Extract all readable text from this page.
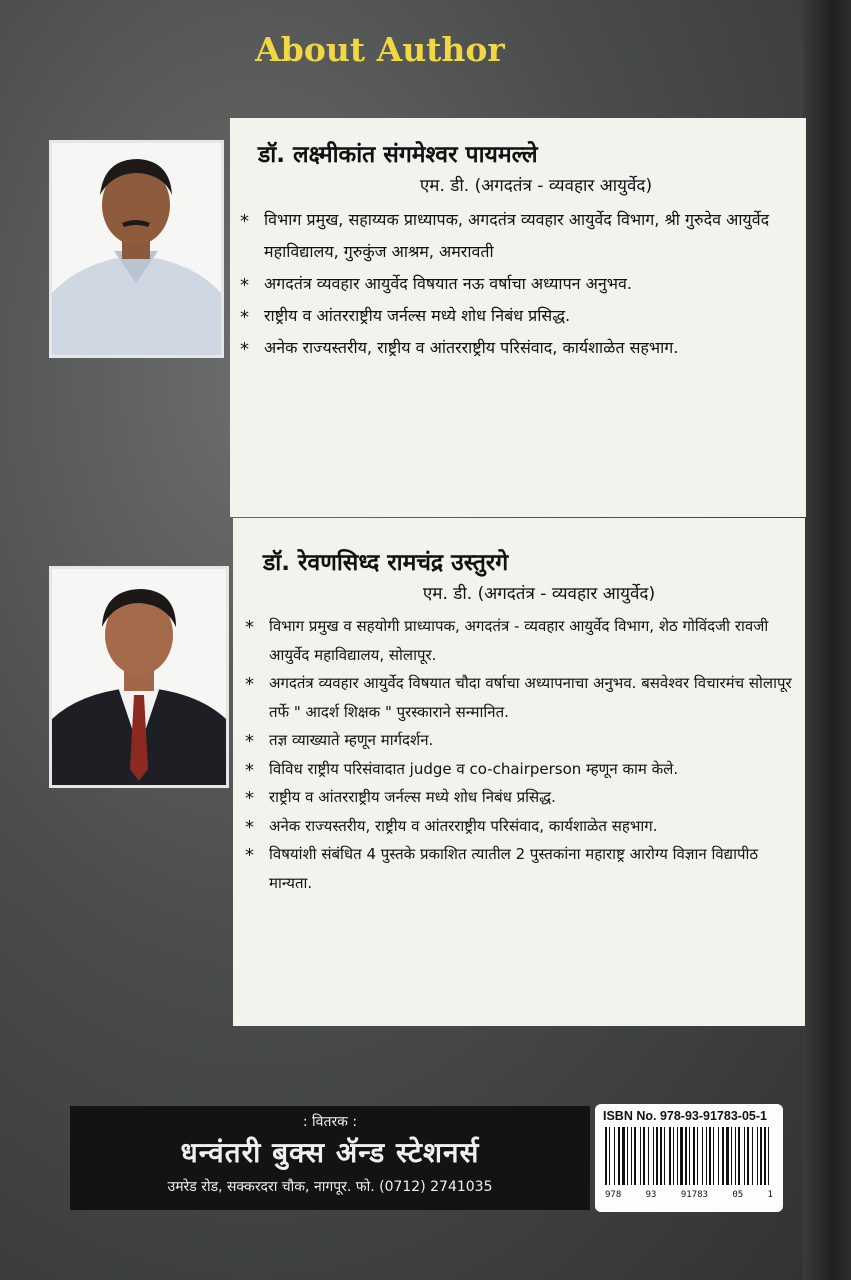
About Author
डॉ. लक्ष्मीकांत संगमेश्वर पायमल्ले
एम. डी. (अगदतंत्र - व्यवहार आयुर्वेद)
* विभाग प्रमुख, सहाय्यक प्राध्यापक, अगदतंत्र व्यवहार आयुर्वेद विभाग, श्री गुरुदेव आयुर्वेद महाविद्यालय, गुरुकुंज आश्रम, अमरावती
* अगदतंत्र व्यवहार आयुर्वेद विषयात नऊ वर्षाचा अध्यापन अनुभव.
* राष्ट्रीय व आंतरराष्ट्रीय जर्नल्स मध्ये शोध निबंध प्रसिद्ध.
* अनेक राज्यस्तरीय, राष्ट्रीय व आंतरराष्ट्रीय परिसंवाद, कार्यशाळेत सहभाग.
डॉ. रेवणसिध्द रामचंद्र उस्तुरगे
एम. डी. (अगदतंत्र - व्यवहार आयुर्वेद)
* विभाग प्रमुख व सहयोगी प्राध्यापक, अगदतंत्र - व्यवहार आयुर्वेद विभाग, शेठ गोविंदजी रावजी आयुर्वेद महाविद्यालय, सोलापूर.
* अगदतंत्र व्यवहार आयुर्वेद विषयात चौदा वर्षाचा अध्यापनाचा अनुभव. बसवेश्वर विचारमंच सोलापूर तर्फे " आदर्श शिक्षक " पुरस्काराने सन्मानित.
* तज्ञ व्याख्याते म्हणून मार्गदर्शन.
* विविध राष्ट्रीय परिसंवादात judge व co-chairperson म्हणून काम केले.
* राष्ट्रीय व आंतरराष्ट्रीय जर्नल्स मध्ये शोध निबंध प्रसिद्ध.
* अनेक राज्यस्तरीय, राष्ट्रीय व आंतरराष्ट्रीय परिसंवाद, कार्यशाळेत सहभाग.
* विषयांशी संबंधित 4 पुस्तके प्रकाशित त्यातील 2 पुस्तकांना महाराष्ट्र आरोग्य विज्ञान विद्यापीठ मान्यता.
: वितरक :
धन्वंतरी बुक्स ॲन्ड स्टेशनर्स
उमरेड रोड, सक्करदरा चौक, नागपूर. फो. (0712) 2741035
ISBN No. 978-93-91783-05-1
978	93	91783	05	1
